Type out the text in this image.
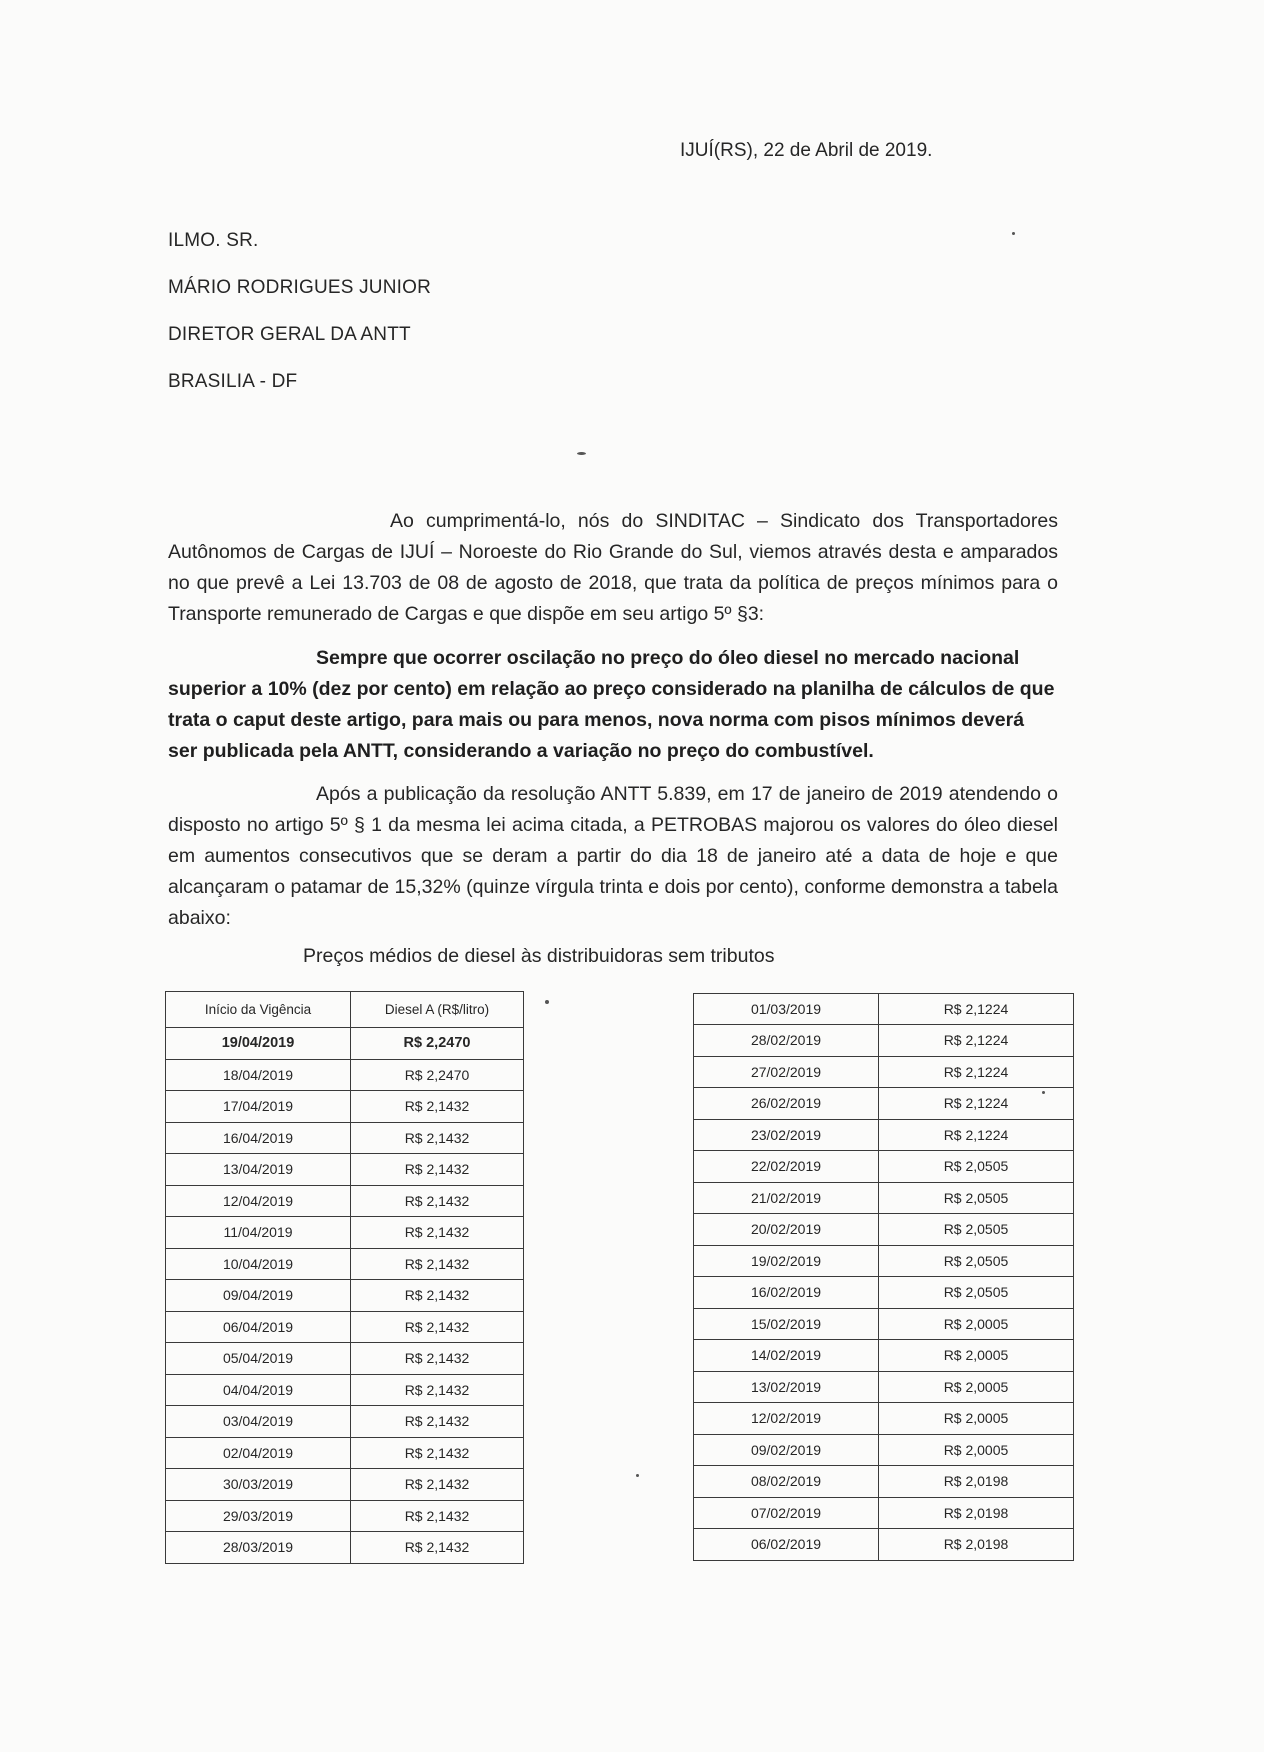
IJUÍ(RS), 22 de Abril de 2019.
ILMO. SR.
MÁRIO RODRIGUES JUNIOR
DIRETOR GERAL DA ANTT
BRASILIA - DF
Ao cumprimentá-lo, nós do SINDITAC – Sindicato dos Transportadores Autônomos de Cargas de IJUÍ – Noroeste do Rio Grande do Sul, viemos através desta e amparados no que prevê a Lei 13.703 de 08 de agosto de 2018, que trata da política de preços mínimos para o Transporte remunerado de Cargas e que dispõe em seu artigo 5º §3:
Sempre que ocorrer oscilação no preço do óleo diesel no mercado nacional superior a 10% (dez por cento) em relação ao preço considerado na planilha de cálculos de que trata o caput deste artigo, para mais ou para menos, nova norma com pisos mínimos deverá ser publicada pela ANTT, considerando a variação no preço do combustível.
Após a publicação da resolução ANTT 5.839, em 17 de janeiro de 2019 atendendo o disposto no artigo 5º § 1 da mesma lei acima citada, a PETROBAS majorou os valores do óleo diesel em aumentos consecutivos que se deram a partir do dia 18 de janeiro até a data de hoje e que alcançaram o patamar de 15,32% (quinze vírgula trinta e dois por cento), conforme demonstra a tabela abaixo:
Preços médios de diesel às distribuidoras sem tributos
Início da Vigência	Diesel A (R$/litro)
19/04/2019	R$ 2,2470
18/04/2019	R$ 2,2470
17/04/2019	R$ 2,1432
16/04/2019	R$ 2,1432
13/04/2019	R$ 2,1432
12/04/2019	R$ 2,1432
11/04/2019	R$ 2,1432
10/04/2019	R$ 2,1432
09/04/2019	R$ 2,1432
06/04/2019	R$ 2,1432
05/04/2019	R$ 2,1432
04/04/2019	R$ 2,1432
03/04/2019	R$ 2,1432
02/04/2019	R$ 2,1432
30/03/2019	R$ 2,1432
29/03/2019	R$ 2,1432
28/03/2019	R$ 2,1432
01/03/2019	R$ 2,1224
28/02/2019	R$ 2,1224
27/02/2019	R$ 2,1224
26/02/2019	R$ 2,1224
23/02/2019	R$ 2,1224
22/02/2019	R$ 2,0505
21/02/2019	R$ 2,0505
20/02/2019	R$ 2,0505
19/02/2019	R$ 2,0505
16/02/2019	R$ 2,0505
15/02/2019	R$ 2,0005
14/02/2019	R$ 2,0005
13/02/2019	R$ 2,0005
12/02/2019	R$ 2,0005
09/02/2019	R$ 2,0005
08/02/2019	R$ 2,0198
07/02/2019	R$ 2,0198
06/02/2019	R$ 2,0198
